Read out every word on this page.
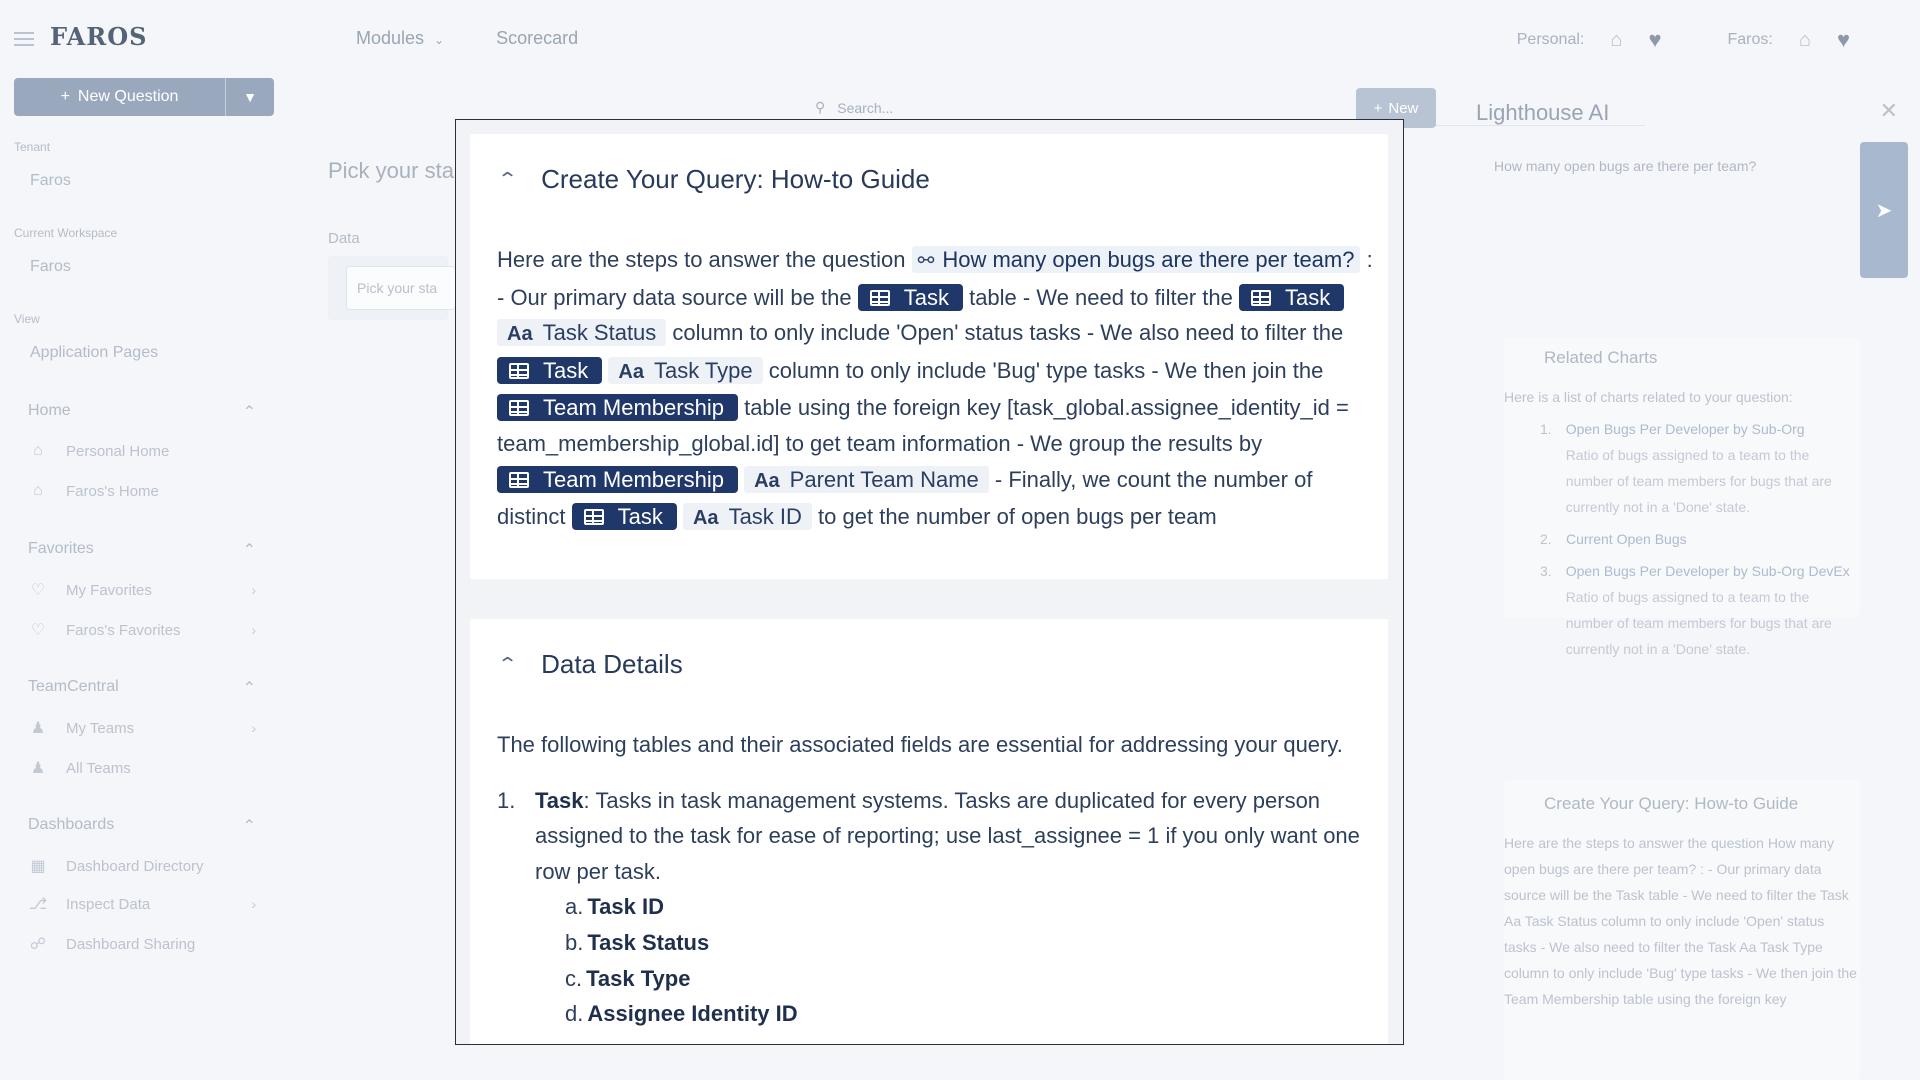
FAROS	Modules ⌄	Scorecard	Personal: ⌂ ♥	Faros: ⌂ ♥
+ New Question	▼
Tenant
Faros
Current Workspace
Faros
View
Application Pages
Home	⌃
⌂	Personal Home
⌂	Faros's Home
Favorites	⌃
♡ My Favorites	›
♡ Faros's Favorites	›
TeamCentral	⌃
♟ My Teams	›
♟ All Teams
Dashboards	⌃
▦ Dashboard Directory
⎇ Inspect Data	›
☍ Dashboard Sharing
⚲ Search...	+ New
Pick your sta
Data
Pick your sta
Lighthouse AI	✕
How many open bugs are there per team?
➤
Related Charts

Here is a list of charts related to your question:

1. Open Bugs Per Developer by Sub-Org
Ratio of bugs assigned to a team to the number of team members for bugs that are currently not in a 'Done' state.
2. Current Open Bugs
3. Open Bugs Per Developer by Sub-Org DevEx
Ratio of bugs assigned to a team to the number of team members for bugs that are currently not in a 'Done' state.
Create Your Query: How-to Guide

Here are the steps to answer the question How many open bugs are there per team? : - Our primary data source will be the Task table - We need to filter the Task Aa Task Status column to only include 'Open' status tasks - We also need to filter the Task Aa Task Type column to only include 'Bug' type tasks - We then join the Team Membership table using the foreign key

⌃ Create Your Query: How-to Guide
Here are the steps to answer the question ⚯ How many open bugs are there per team? : - Our primary data source will be the Task table - We need to filter the Task Aa Task Status column to only include 'Open' status tasks - We also need to filter the Task Aa Task Type column to only include 'Bug' type tasks - We then join the Team Membership table using the foreign key [task_global.assignee_identity_id = team_membership_global.id] to get team information - We group the results by Team Membership Aa Parent Team Name - Finally, we count the number of distinct Task Aa Task ID to get the number of open bugs per team
⌃ Data Details
The following tables and their associated fields are essential for addressing your query.
1. Task: Tasks in task management systems. Tasks are duplicated for every person assigned to the task for ease of reporting; use last_assignee = 1 if you only want one row per task.
a. Task ID
b. Task Status
c. Task Type
d. Assignee Identity ID
